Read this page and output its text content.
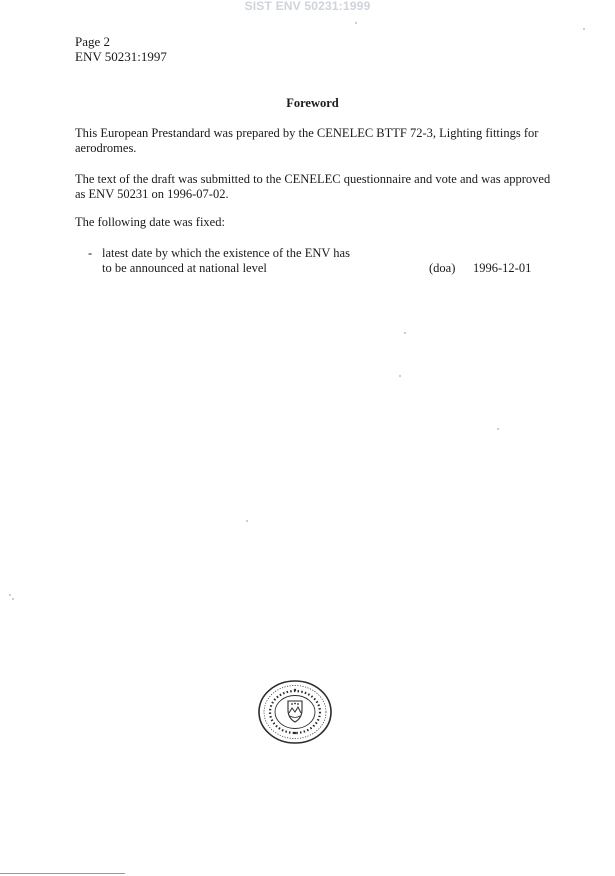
SIST ENV 50231:1999
Page 2
ENV 50231:1997
Foreword
This European Prestandard was prepared by the CENELEC BTTF 72-3, Lighting fittings for aerodromes.
The text of the draft was submitted to the CENELEC questionnaire and vote and was approved as ENV 50231 on 1996-07-02.
The following date was fixed:
- latest date by which the existence of the ENV has to be announced at national level	(doa) 1996-12-01
